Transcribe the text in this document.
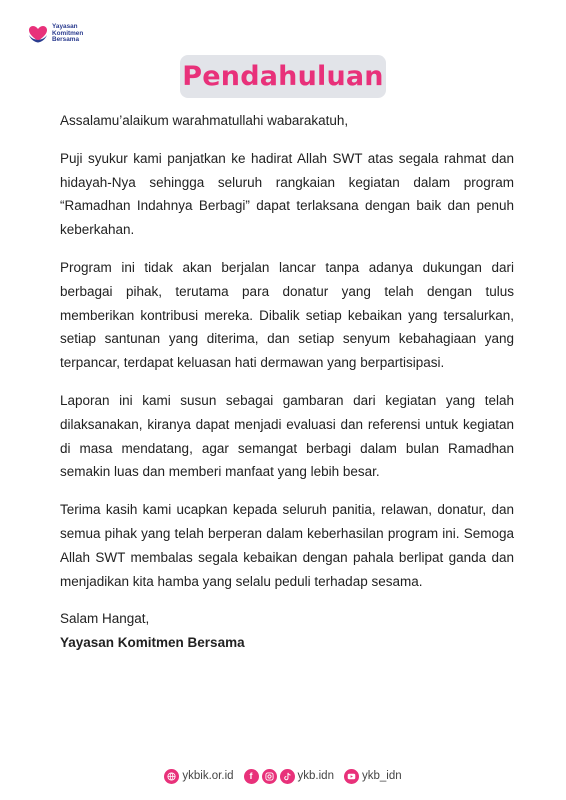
Yayasan
Komitmen
Bersama
Pendahuluan

Assalamu’alaikum warahmatullahi wabarakatuh,

Puji syukur kami panjatkan ke hadirat Allah SWT atas segala rahmat dan hidayah-Nya sehingga seluruh rangkaian kegiatan dalam program “Ramadhan Indahnya Berbagi” dapat terlaksana dengan baik dan penuh keberkahan.

Program ini tidak akan berjalan lancar tanpa adanya dukungan dari berbagai pihak, terutama para donatur yang telah dengan tulus memberikan kontribusi mereka. Dibalik setiap kebaikan yang tersalurkan, setiap santunan yang diterima, dan setiap senyum kebahagiaan yang terpancar, terdapat keluasan hati dermawan yang berpartisipasi.

Laporan ini kami susun sebagai gambaran dari kegiatan yang telah dilaksanakan, kiranya dapat menjadi evaluasi dan referensi untuk kegiatan di masa mendatang, agar semangat berbagi dalam bulan Ramadhan semakin luas dan memberi manfaat yang lebih besar.

Terima kasih kami ucapkan kepada seluruh panitia, relawan, donatur, dan semua pihak yang telah berperan dalam keberhasilan program ini. Semoga Allah SWT membalas segala kebaikan dengan pahala berlipat ganda dan menjadikan kita hamba yang selalu peduli terhadap sesama.

Salam Hangat,

Yayasan Komitmen Bersama

ykbik.or.id	f	ykb.idn ykb_idn
